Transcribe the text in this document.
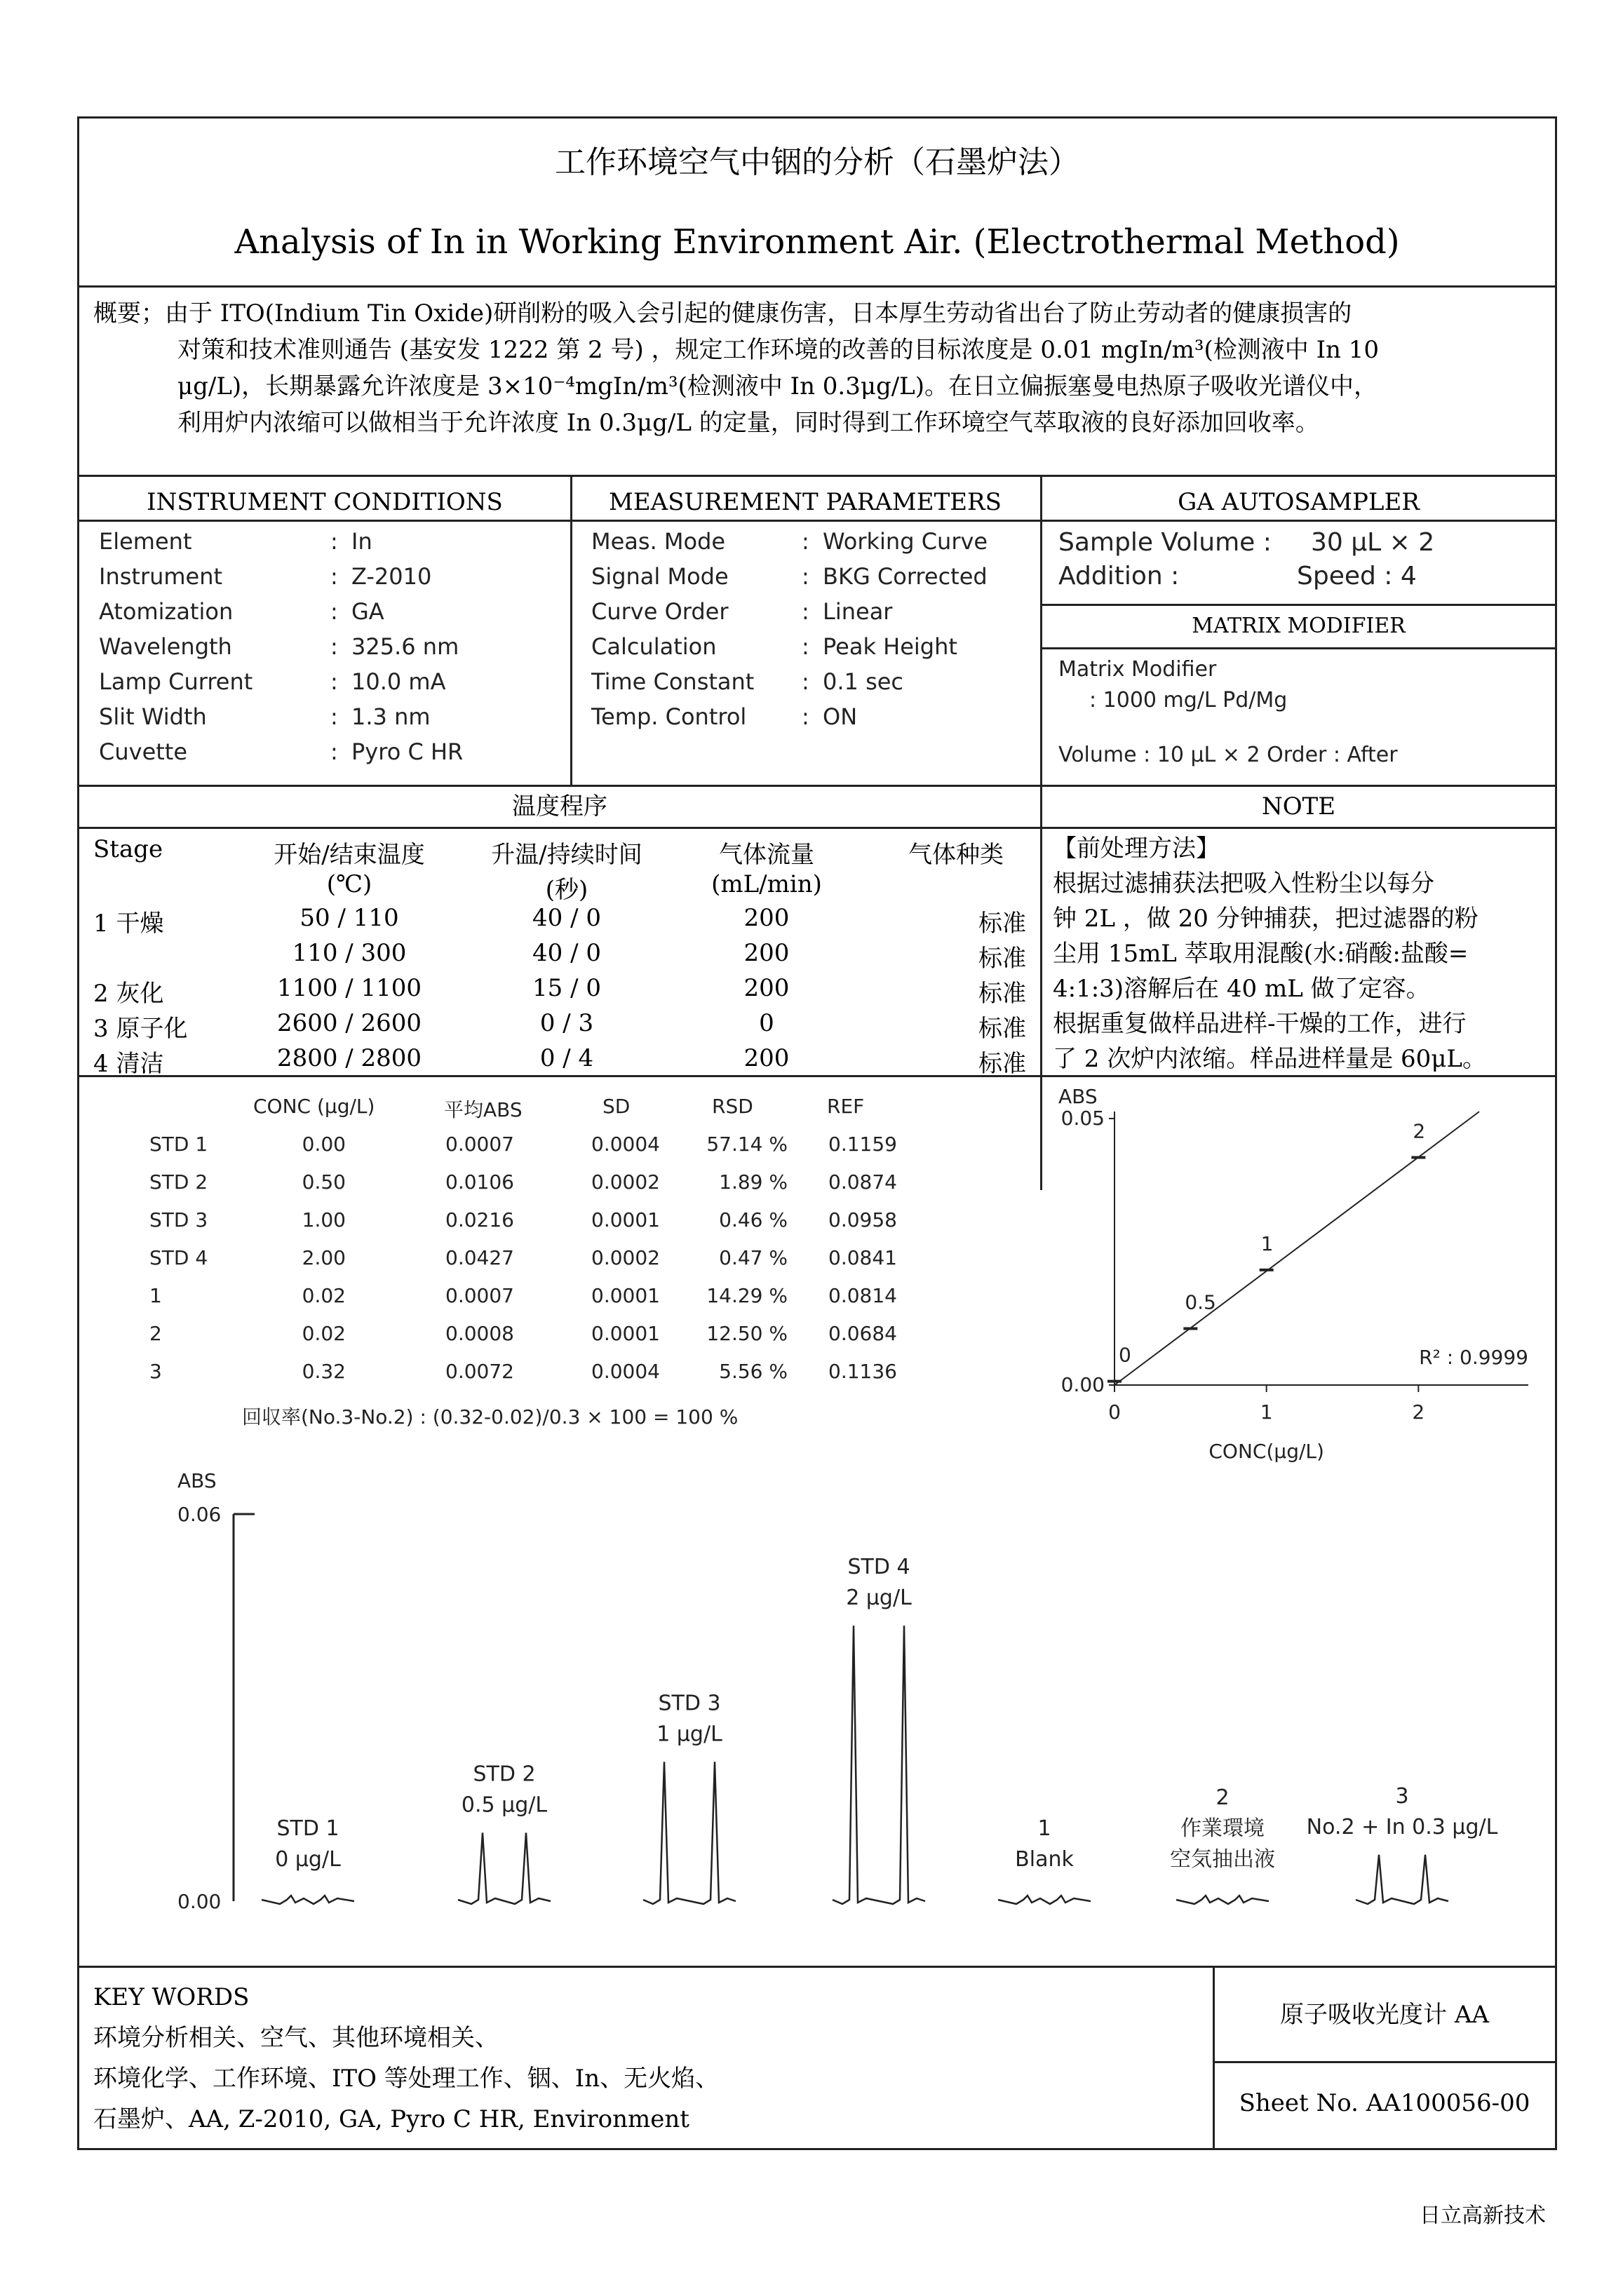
工作环境空气中铟的分析（石墨炉法）
Analysis of In in Working Environment Air. (Electrothermal Method)
概要；由于 ITO(Indium Tin Oxide)研削粉的吸入会引起的健康伤害，日本厚生劳动省出台了防止劳动者的健康损害的
对策和技术准则通告 (基安发 1222 第 2 号) ，规定工作环境的改善的目标浓度是 0.01 mgIn/m³(检测液中 In 10
μg/L)，长期暴露允许浓度是 3×10⁻⁴mgIn/m³(检测液中 In 0.3μg/L)。在日立偏振塞曼电热原子吸收光谱仪中，
利用炉内浓缩可以做相当于允许浓度 In 0.3μg/L 的定量，同时得到工作环境空气萃取液的良好添加回收率。
INSTRUMENT CONDITIONS	MEASUREMENT PARAMETERS	GA AUTOSAMPLER
Element	: In
Instrument	: Z-2010
Atomization	: GA
Wavelength	: 325.6 nm
Lamp Current	: 10.0 mA
Slit Width	: 1.3 nm
Cuvette	: Pyro C HR
Meas. Mode	: Working Curve
Signal Mode	: BKG Corrected
Curve Order	: Linear
Calculation	: Peak Height
Time Constant : 0.1 sec
Temp. Control : ON
Sample Volume : 30 μL × 2
Addition :	Speed : 4
MATRIX MODIFIER
Matrix Modifier
: 1000 mg/L Pd/Mg
Volume : 10 μL × 2 Order : After
温度程序	NOTE
Stage	开始/结束温度	升温/持续时间	气体流量	气体种类
(℃)	(秒)	(mL/min)
1 干燥	50 / 110	40 / 0	200	标准
110 / 300	40 / 0	200	标准
2 灰化	1100 / 1100	15 / 0	200	标准
3 原子化	2600 / 2600	0 / 3	0	标准
4 清洁	2800 / 2800	0 / 4	200	标准
【前处理方法】
根据过滤捕获法把吸入性粉尘以每分
钟 2L ，做 20 分钟捕获，把过滤器的粉
尘用 15mL 萃取用混酸(水:硝酸:盐酸=
4:1:3)溶解后在 40 mL 做了定容。
根据重复做样品进样-干燥的工作，进行
了 2 次炉内浓缩。样品进样量是 60μL。
CONC (μg/L)	平均ABS	SD	RSD	REF
STD 1	0.00	0.0007	0.0004	57.14 % 0.1159
STD 2	0.50	0.0106	0.0002	1.89 % 0.0874
STD 3	1.00	0.0216	0.0001	0.46 % 0.0958
STD 4	2.00	0.0427	0.0002	0.47 % 0.0841
1	0.02	0.0007	0.0001	14.29 % 0.0814
2	0.02	0.0008	0.0001	12.50 % 0.0684
3	0.32	0.0072	0.0004	5.56 % 0.1136
回収率(No.3-No.2) : (0.32-0.02)/0.3 × 100 = 100 %
ABS
0.00
0.05
0	1	2
CONC(μg/L)
0
0.5
1
2
R² : 0.9999
ABS
0.06
0.00
STD 1
0 μg/L
STD 2
0.5 μg/L
STD 3
1 μg/L
STD 4
2 μg/L
1
Blank
2
作業環境
空気抽出液
3
No.2 + In 0.3 μg/L
KEY WORDS
环境分析相关、空气、其他环境相关、
环境化学、工作环境、ITO 等处理工作、铟、In、无火焰、
石墨炉、AA, Z-2010, GA, Pyro C HR, Environment
原子吸收光度计 AA
Sheet No. AA100056-00
日立高新技术
